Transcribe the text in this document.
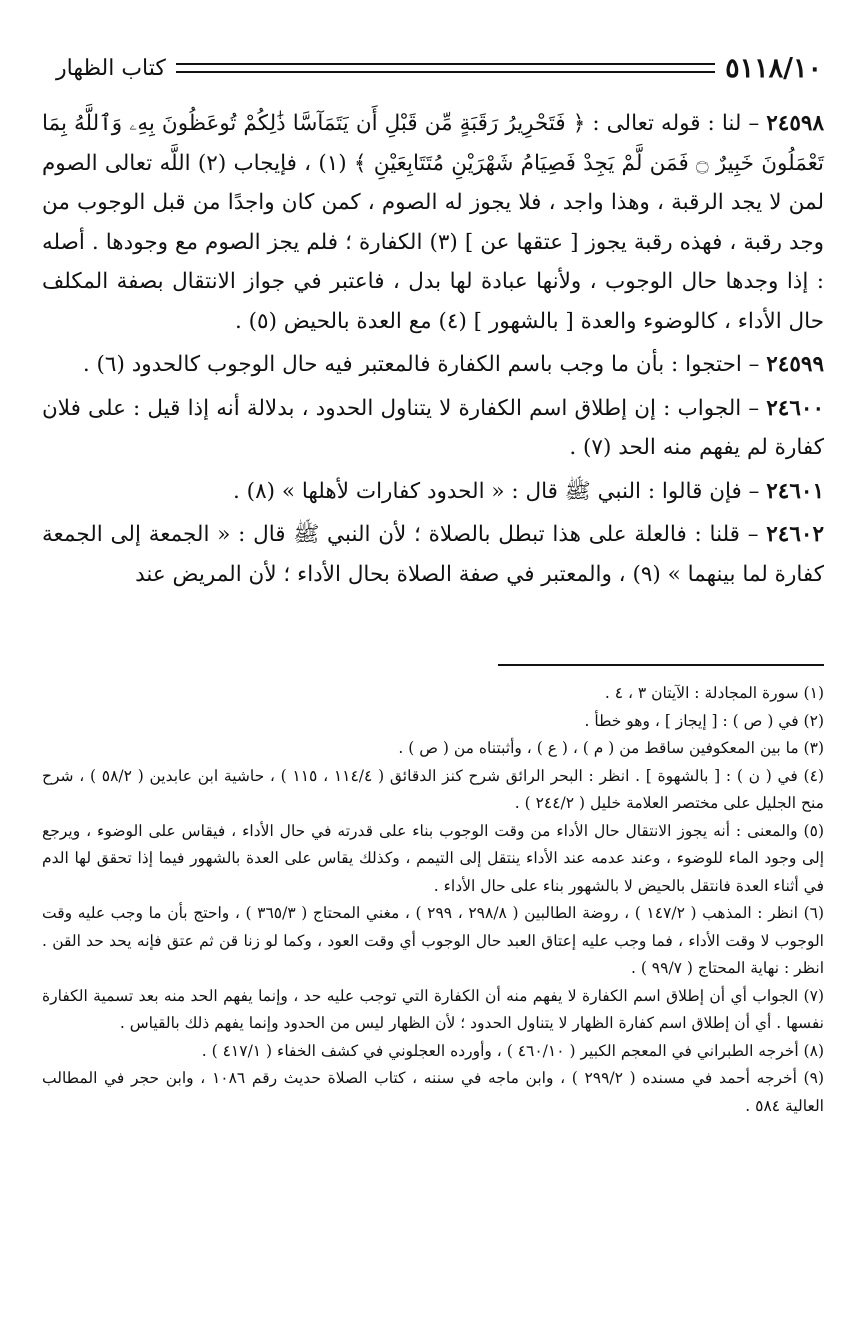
٥١١٨/١٠
كتاب الظهار

٢٤٥٩٨ – لنا : قوله تعالى : ﴿ فَتَحْرِيرُ رَقَبَةٍ مِّن قَبْلِ أَن يَتَمَآسَّا ذَٰلِكُمْ تُوعَظُونَ بِهِۦ وَٱللَّهُ بِمَا تَعْمَلُونَ خَبِيرٌ ۝ فَمَن لَّمْ يَجِدْ فَصِيَامُ شَهْرَيْنِ مُتَتَابِعَيْنِ ﴾ (١) ، فإيجاب (٢) اللَّه تعالى الصوم لمن لا يجد الرقبة ، وهذا واجد ، فلا يجوز له الصوم ، كمن كان واجدًا من قبل الوجوب من وجد رقبة ، فهذه رقبة يجوز [ عتقها عن ] (٣) الكفارة ؛ فلم يجز الصوم مع وجودها . أصله : إذا وجدها حال الوجوب ، ولأنها عبادة لها بدل ، فاعتبر في جواز الانتقال بصفة المكلف حال الأداء ، كالوضوء والعدة [ بالشهور ] (٤) مع العدة بالحيض (٥) .

٢٤٥٩٩ – احتجوا : بأن ما وجب باسم الكفارة فالمعتبر فيه حال الوجوب كالحدود (٦) .

٢٤٦٠٠ – الجواب : إن إطلاق اسم الكفارة لا يتناول الحدود ، بدلالة أنه إذا قيل : على فلان كفارة لم يفهم منه الحد (٧) .

٢٤٦٠١ – فإن قالوا : النبي ﷺ قال : « الحدود كفارات لأهلها » (٨) .

٢٤٦٠٢ – قلنا : فالعلة على هذا تبطل بالصلاة ؛ لأن النبي ﷺ قال : « الجمعة إلى الجمعة كفارة لما بينهما » (٩) ، والمعتبر في صفة الصلاة بحال الأداء ؛ لأن المريض عند

(١) سورة المجادلة : الآيتان ٣ ، ٤ .

(٢) في ( ص ) : [ إيجاز ] ، وهو خطأ .

(٣) ما بين المعكوفين ساقط من ( م ) ، ( ع ) ، وأثبتناه من ( ص ) .

(٤) في ( ن ) : [ بالشهوة ] . انظر : البحر الرائق شرح كنز الدقائق ( ١١٤/٤ ، ١١٥ ) ، حاشية ابن عابدين ( ٥٨/٢ ) ، شرح منح الجليل على مختصر العلامة خليل ( ٢٤٤/٢ ) .

(٥) والمعنى : أنه يجوز الانتقال حال الأداء من وقت الوجوب بناء على قدرته في حال الأداء ، فيقاس على الوضوء ، ويرجع إلى وجود الماء للوضوء ، وعند عدمه عند الأداء ينتقل إلى التيمم ، وكذلك يقاس على العدة بالشهور فيما إذا تحقق لها الدم في أثناء العدة فانتقل بالحيض لا بالشهور بناء على حال الأداء .

(٦) انظر : المذهب ( ١٤٧/٢ ) ، روضة الطالبين ( ٢٩٨/٨ ، ٢٩٩ ) ، مغني المحتاج ( ٣٦٥/٣ ) ، واحتج بأن ما وجب عليه وقت الوجوب لا وقت الأداء ، فما وجب عليه إعتاق العبد حال الوجوب أي وقت العود ، وكما لو زنا قن ثم عتق فإنه يحد حد القن . انظر : نهاية المحتاج ( ٩٩/٧ ) .

(٧) الجواب أي أن إطلاق اسم الكفارة لا يفهم منه أن الكفارة التي توجب عليه حد ، وإنما يفهم الحد منه بعد تسمية الكفارة نفسها . أي أن إطلاق اسم كفارة الظهار لا يتناول الحدود ؛ لأن الظهار ليس من الحدود وإنما يفهم ذلك بالقياس .

(٨) أخرجه الطبراني في المعجم الكبير ( ٤٦٠/١٠ ) ، وأورده العجلوني في كشف الخفاء ( ٤١٧/١ ) .

(٩) أخرجه أحمد في مسنده ( ٢٩٩/٢ ) ، وابن ماجه في سننه ، كتاب الصلاة حديث رقم ١٠٨٦ ، وابن حجر في المطالب العالية ٥٨٤ .
